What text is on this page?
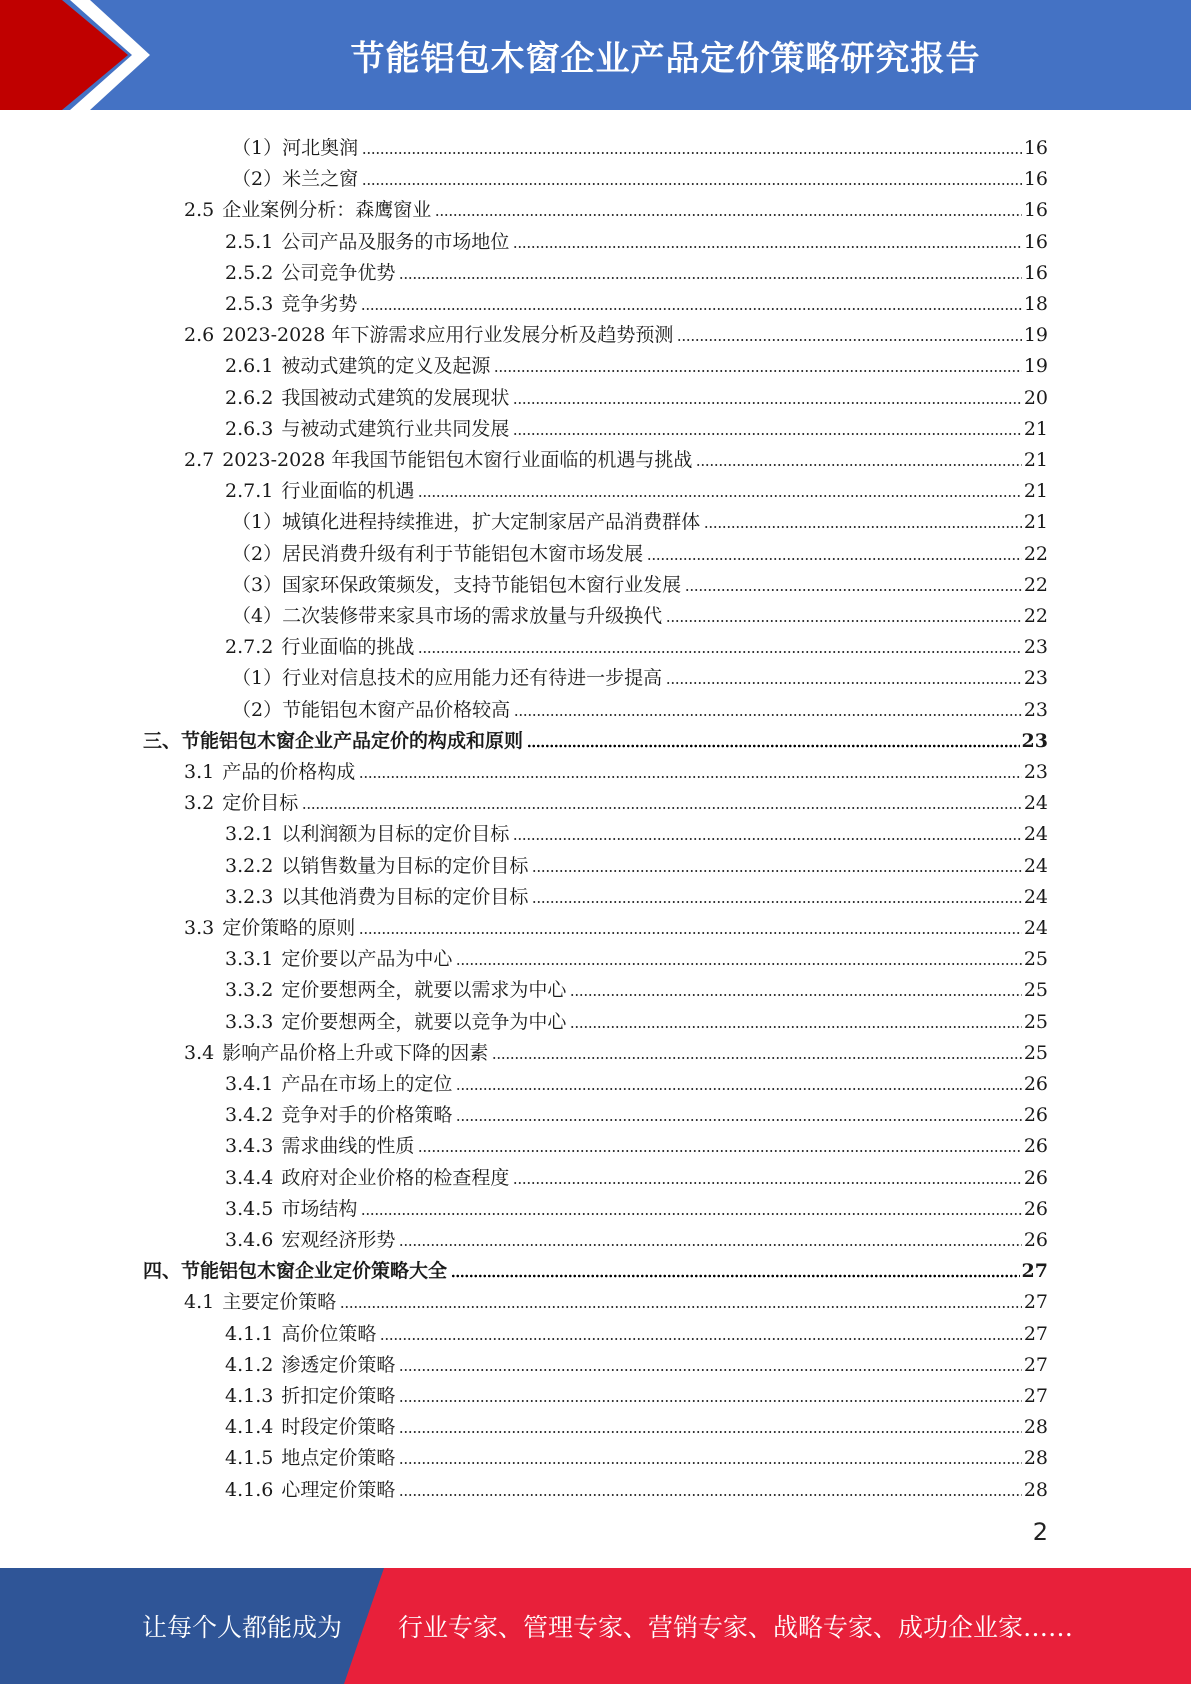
节能铝包木窗企业产品定价策略研究报告
（1）河北奥润	16
（2）米兰之窗	16
2.5 企业案例分析：森鹰窗业	16
2.5.1 公司产品及服务的市场地位	16
2.5.2 公司竞争优势	16
2.5.3 竞争劣势	18
2.6 2023-2028 年下游需求应用行业发展分析及趋势预测	19
2.6.1 被动式建筑的定义及起源	19
2.6.2 我国被动式建筑的发展现状	20
2.6.3 与被动式建筑行业共同发展	21
2.7 2023-2028 年我国节能铝包木窗行业面临的机遇与挑战	21
2.7.1 行业面临的机遇	21
（1）城镇化进程持续推进，扩大定制家居产品消费群体	21
（2）居民消费升级有利于节能铝包木窗市场发展	22
（3）国家环保政策频发，支持节能铝包木窗行业发展	22
（4）二次装修带来家具市场的需求放量与升级换代	22
2.7.2 行业面临的挑战	23
（1）行业对信息技术的应用能力还有待进一步提高	23
（2）节能铝包木窗产品价格较高	23
三、节能铝包木窗企业产品定价的构成和原则	23
3.1 产品的价格构成	23
3.2 定价目标	24
3.2.1 以利润额为目标的定价目标	24
3.2.2 以销售数量为目标的定价目标	24
3.2.3 以其他消费为目标的定价目标	24
3.3 定价策略的原则	24
3.3.1 定价要以产品为中心	25
3.3.2 定价要想两全，就要以需求为中心	25
3.3.3 定价要想两全，就要以竞争为中心	25
3.4 影响产品价格上升或下降的因素	25
3.4.1 产品在市场上的定位	26
3.4.2 竞争对手的价格策略	26
3.4.3 需求曲线的性质	26
3.4.4 政府对企业价格的检查程度	26
3.4.5 市场结构	26
3.4.6 宏观经济形势	26
四、节能铝包木窗企业定价策略大全	27
4.1 主要定价策略	27
4.1.1 高价位策略	27
4.1.2 渗透定价策略	27
4.1.3 折扣定价策略	27
4.1.4 时段定价策略	28
4.1.5 地点定价策略	28
4.1.6 心理定价策略	28
2
让每个人都能成为 行业专家、管理专家、营销专家、战略专家、成功企业家……
